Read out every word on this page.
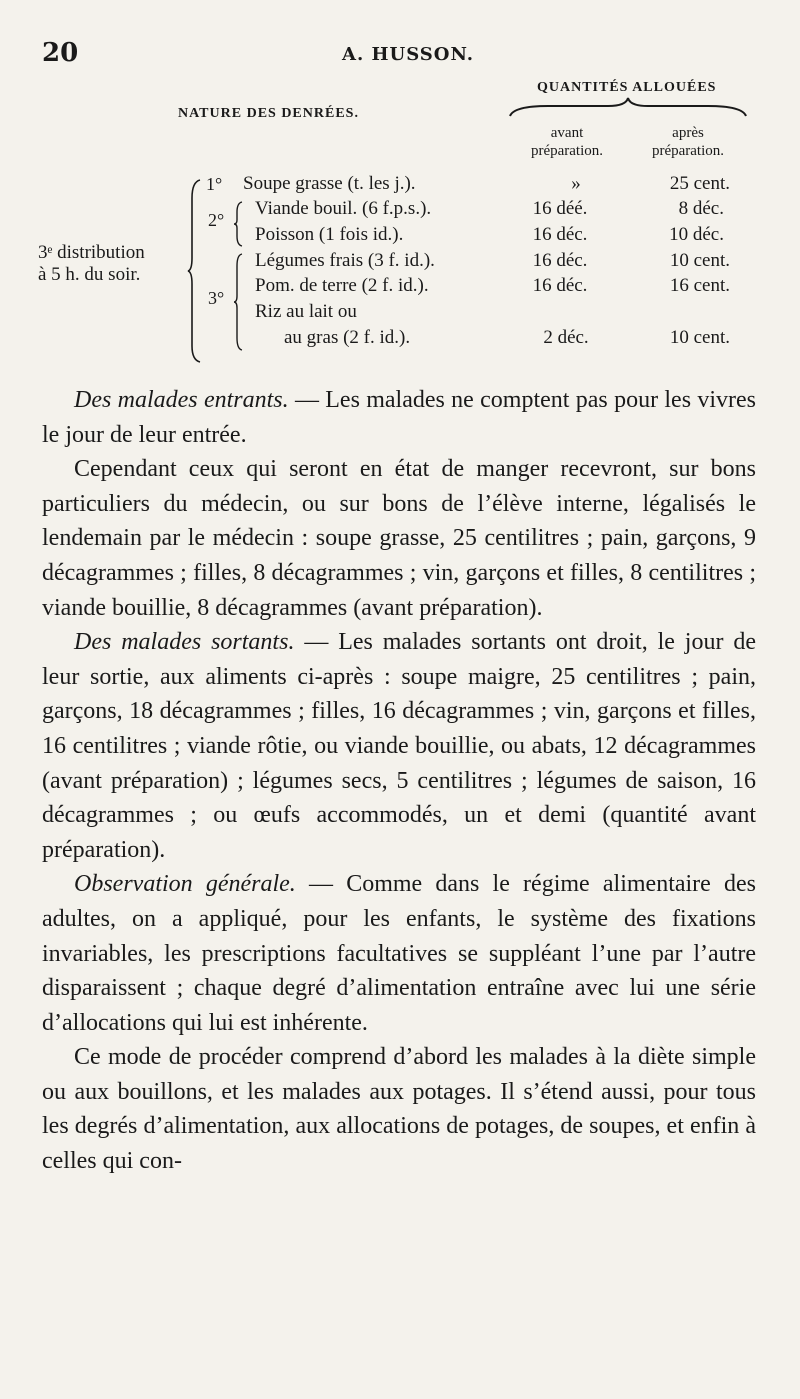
20	A. HUSSON.
NATURE DES DENRÉES.
QUANTITÉS ALLOUÉES
avant
préparation.
après
préparation.
3ᵉ distribution
à 5 h. du soir.
1°
2°
3°
Soupe grasse (t. les j.).	»	25 cent.
Viande bouil. (6 f.p.s.).	16 déé.	8 déc.
Poisson (1 fois id.).	16 déc.	10 déc.
Légumes frais (3 f. id.).	16 déc.	10 cent.
Pom. de terre (2 f. id.).	16 déc.	16 cent.
Riz au lait ou
au gras (2 f. id.).	2 déc.	10 cent.

Des malades entrants. — Les malades ne comptent pas pour les vivres le jour de leur entrée.

Cependant ceux qui seront en état de manger recevront, sur bons particuliers du médecin, ou sur bons de l’élève interne, légalisés le lendemain par le médecin : soupe grasse, 25 centilitres ; pain, garçons, 9 décagrammes ; filles, 8 décagrammes ; vin, garçons et filles, 8 centilitres ; viande bouillie, 8 décagrammes (avant préparation).

Des malades sortants. — Les malades sortants ont droit, le jour de leur sortie, aux aliments ci-après : soupe maigre, 25 centilitres ; pain, garçons, 18 décagrammes ; filles, 16 décagrammes ; vin, garçons et filles, 16 centilitres ; viande rôtie, ou viande bouillie, ou abats, 12 décagrammes (avant préparation) ; légumes secs, 5 centilitres ; légumes de saison, 16 décagrammes ; ou œufs accommodés, un et demi (quantité avant préparation).

Observation générale. — Comme dans le régime alimentaire des adultes, on a appliqué, pour les enfants, le système des fixations invariables, les prescriptions facultatives se suppléant l’une par l’autre disparaissent ; chaque degré d’alimentation entraîne avec lui une série d’allocations qui lui est inhérente.

Ce mode de procéder comprend d’abord les malades à la diète simple ou aux bouillons, et les malades aux potages. Il s’étend aussi, pour tous les degrés d’alimentation, aux allocations de potages, de soupes, et enfin à celles qui con-
